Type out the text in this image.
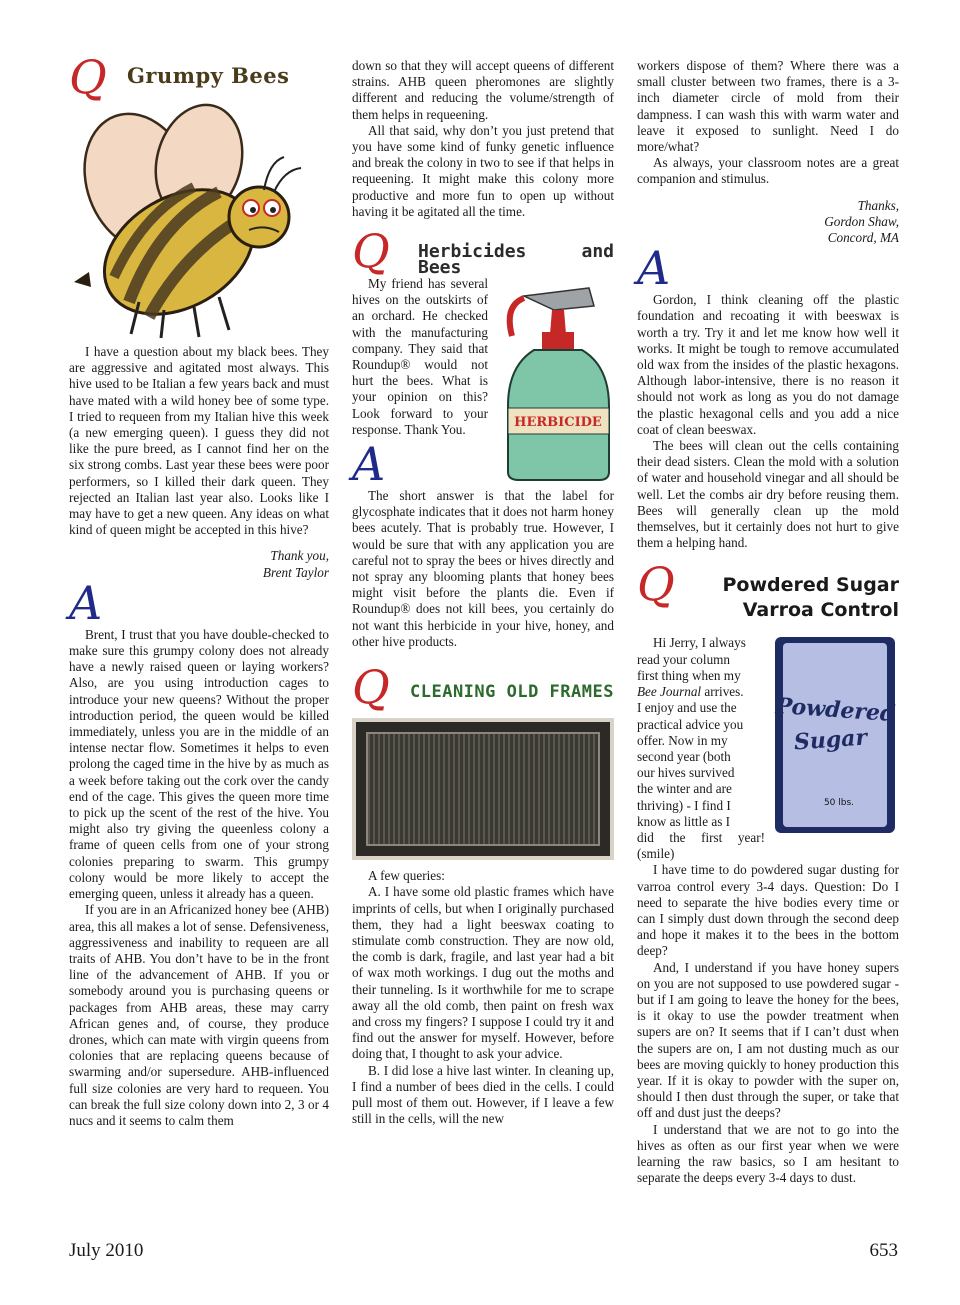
Q Grumpy Bees

I have a question about my black bees. They are aggressive and agitated most always. This hive used to be Italian a few years back and must have mated with a wild honey bee of some type. I tried to requeen from my Italian hive this week (a new emerging queen). I guess they did not like the pure breed, as I cannot find her on the six strong combs. Last year these bees were poor performers, so I killed their dark queen. They rejected an Italian last year also. Looks like I may have to get a new queen. Any ideas on what kind of queen might be accepted in this hive?

Thank you,
Brent Taylor
A

Brent, I trust that you have double-checked to make sure this grumpy colony does not already have a newly raised queen or laying workers? Also, are you using introduction cages to introduce your new queens? Without the proper introduction period, the queen would be killed immediately, unless you are in the middle of an intense nectar flow. Sometimes it helps to even prolong the caged time in the hive by as much as a week before taking out the cork over the candy end of the cage. This gives the queen more time to pick up the scent of the rest of the hive. You might also try giving the queenless colony a frame of queen cells from one of your strong colonies preparing to swarm. This grumpy colony would be more likely to accept the emerging queen, unless it already has a queen.

If you are in an Africanized honey bee (AHB) area, this all makes a lot of sense. Defensiveness, aggressiveness and inability to requeen are all traits of AHB. You don’t have to be in the front line of the advancement of AHB. If you or somebody around you is purchasing queens or packages from AHB areas, these may carry African genes and, of course, they produce drones, which can mate with virgin queens from colonies that are replacing queens because of swarming and/or supersedure. AHB-influenced full size colonies are very hard to requeen. You can break the full size colony down into 2, 3 or 4 nucs and it seems to calm them

down so that they will accept queens of different strains. AHB queen pheromones are slightly different and reducing the volume/strength of them helps in requeening.

All that said, why don’t you just pretend that you have some kind of funky genetic influence and break the colony in two to see if that helps in requeening. It might make this colony more productive and more fun to open up without having it be agitated all the time.

Q Herbicides and Bees
HERBICIDE

My friend has several hives on the outskirts of an orchard. He checked with the manufacturing company. They said that Roundup® would not hurt the bees. What is your opinion on this? Look forward to your response. Thank You.

A

The short answer is that the label for glycosphate indicates that it does not harm honey bees acutely. That is probably true. However, I would be sure that with any application you are careful not to spray the bees or hives directly and not spray any blooming plants that honey bees might visit before the plants die. Even if Roundup® does not kill bees, you certainly do not want this herbicide in your hive, honey, and other hive products.

Q CLEANING OLD FRAMES

A few queries:

A. I have some old plastic frames which have imprints of cells, but when I originally purchased them, they had a light beeswax coating to stimulate comb construction. They are now old, the comb is dark, fragile, and last year had a bit of wax moth workings. I dug out the moths and their tunneling. Is it worthwhile for me to scrape away all the old comb, then paint on fresh wax and cross my fingers? I suppose I could try it and find out the answer for myself. However, before doing that, I thought to ask your advice.

B. I did lose a hive last winter. In cleaning up, I find a number of bees died in the cells. I could pull most of them out. However, if I leave a few still in the cells, will the new

workers dispose of them? Where there was a small cluster between two frames, there is a 3-inch diameter circle of mold from their dampness. I can wash this with warm water and leave it exposed to sunlight. Need I do more/what?

As always, your classroom notes are a great companion and stimulus.

Thanks,
Gordon Shaw,
Concord, MA
A

Gordon, I think cleaning off the plastic foundation and recoating it with beeswax is worth a try. Try it and let me know how well it works. It might be tough to remove accumulated old wax from the insides of the plastic hexagons. Although labor-intensive, there is no reason it should not work as long as you do not damage the plastic hexagonal cells and you add a nice coat of clean beeswax.

The bees will clean out the cells containing their dead sisters. Clean the mold with a solution of water and household vinegar and all should be well. Let the combs air dry before reusing them. Bees will generally clean up the mold themselves, but it certainly does not hurt to give them a helping hand.

Q	Powdered Sugar
Varroa Control
Powdered
Sugar
50 lbs.
Hi Jerry, I always
read your column
first thing when my
Bee Journal arrives.
I enjoy and use the
practical advice you
offer. Now in my
second year (both
our hives survived
the winter and are
thriving) - I find I
know as little as I
did the first year! (smile)

I have time to do powdered sugar dusting for varroa control every 3-4 days. Question: Do I need to separate the hive bodies every time or can I simply dust down through the second deep and hope it makes it to the bees in the bottom deep?

And, I understand if you have honey supers on you are not supposed to use powdered sugar - but if I am going to leave the honey for the bees, is it okay to use the powder treatment when supers are on? It seems that if I can’t dust when the supers are on, I am not dusting much as our bees are moving quickly to honey production this year. If it is okay to powder with the super on, should I then dust through the super, or take that off and dust just the deeps?

I understand that we are not to go into the hives as often as our first year when we were learning the raw basics, so I am hesitant to separate the deeps every 3-4 days to dust.

July 2010	653
